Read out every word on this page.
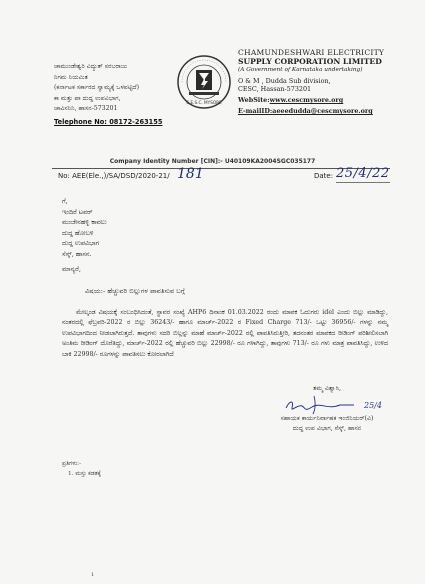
ಚಾಮುಂಡೇಶ್ವರಿ ವಿದ್ಯುತ್ ಸರಬರಾಜು
ನಿಗಮ ನಿಯಮಿತ
(ಕರ್ನಾಟಕ ಸರ್ಕಾರದ ಸ್ವಾಮ್ಯಕ್ಕೆ ಒಳಪಟ್ಟಿದೆ)
ಕಾ ಮತ್ತು ಪಾ ದುದ್ದ ಉಪವಿಭಾಗ,
ಚಾವಿಸನಿನಿ, ಹಾಸನ-573201
Telephone No: 08172-263155
C.E.S.C. MYSORE
CHAMUNDESHWARI ELECTRICITY
SUPPLY CORPORATION LIMITED
(A Government of Karnataka undertaking)
O & M , Dudda Sub division,
CESC, Hassan-573201
WebSite:www.cescmysore.org
E-mailID:aeeedudda@cescmysore.org
Company Identity Number [CIN]:- U40109KA2004SGC035177
No: AEE(Ele.,)/SA/DSD/2020-21/ 181	Date: 25/4/22
ಗೆ,
ಇಂದಿರೆ ಟವರ್
ಮಂಜೇನಹಳ್ಳಿ ಕಾವಲು
ದುದ್ದ ಹೋಬಳಿ
ದುದ್ದ ಉಪವಿಭಾಗ
ಸೆಸ್ಕ್, ಹಾಸನ.
ಮಾನ್ಯರೆ,
ವಿಷಯ:- ಹೆಚ್ಚುವರಿ ಬಿಲ್ಲುಗಳ ಪಾವತಿಸುವ ಬಗ್ಗೆ
ಮೇಲ್ಕಂಡ ವಿಷಯಕ್ಕೆ ಸಂಬಂಧಿಸಿದಂತೆ, ಸ್ಥಾವರ ಸಂಖ್ಯೆ AHP6 ದಿನಾಂಕ 01.03.2022 ರಂದು ಮಾಪಕ ಓದುಗರು idel ಎಂದು ಬಿಲ್ಲು ಮಾಡಿದ್ದು, ನಂತರದಲ್ಲಿ ಫೆಬ್ರವರಿ-2022 ರ ಬಿಲ್ಲು 36243/- ಹಾಗೂ ಮಾರ್ಚ್-2022 ರ Fixed Charge 713/- ಒಟ್ಟು 36956/- ಗಳನ್ನು ನಮ್ಮ ಉಪವಿಭಾಗದಿಂದ ನೀಡಲಾಗಿರುತ್ತದೆ. ತಾವುಗಳು ಸದರಿ ಬಿಲ್ಲನ್ನು ಮಾಹೆ ಮಾರ್ಚ್-2022 ರಲ್ಲಿ ಪಾವತಿಸಿರುತ್ತೀರಿ, ತದನಂತರ ಮಾಪಕದ ರೀಡಿಂಗ್ ಪರಿಶೀಲಿಸಲಾಗಿ ಅಂತಿಮ ರೀಡಿಂಗ್ ದೊರೆತಿದ್ದು, ಮಾರ್ಚ್-2022 ರಲ್ಲಿ ಹೆಚ್ಚುವರಿ ಬಿಲ್ಲು 22998/- ರೂ ಗಳಾಗಿದ್ದು, ತಾವುಗಳು 713/- ರೂ ಗಳು ಮಾತ್ರ ಪಾವತಿಸಿದ್ದು, ಉಳಿದ ಬಾಕಿ 22998/- ರೂಗಳನ್ನು ಪಾವತಿಸಲು ಕೋರಲಾಗಿದೆ
ತಮ್ಮ ವಿಶ್ವಾಸಿ,
ಸಹಾಯಕ ಕಾರ್ಯನಿರ್ವಾಹಕ ಇಂಜಿನಿಯರ್(ವಿ)
ದುದ್ದ ಉಪ ವಿಭಾಗ, ಸೆಸ್ಕ್, ಹಾಸನ
25/4
ಪ್ರತಿಗಳು:-
1. ಮಸ್ತು ಕಡತಕ್ಕೆ
1
